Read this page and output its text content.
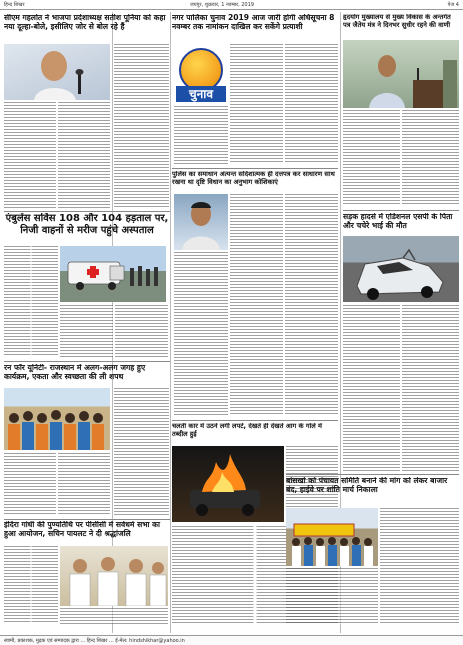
हिन्द शिखर	जयपुर, शुक्रवार, 1 नवम्बर, 2019	पेज 4
सीएम गहलोत ने भाजपा प्रदेशाध्यक्ष सतीश पूनिया को कहा नया दूल्हा-बोले, इसीलिए जोर से बोल रहे हैं
एंबुलेंस सर्विस 108 और 104 हड़ताल पर, निजी वाहनों से मरीज पहुंचे अस्पताल
रन फॉर यूनिटी- राजस्थान में अलग-अलग जगह हुए कार्यक्रम, एकता और स्वच्छता की ली शपथ
इंदिरा गांधी की पुण्यतिथि पर पीसीसी में सर्वधर्म सभा का हुआ आयोजन, सचिन पायलट ने दी श्रद्धांजलि
नगर पालिका चुनाव 2019 आज जारी होगी अधिसूचना 8 नवम्बर तक नामांकन दाखिल कर सकेंगे प्रत्याशी
चुनाव
पुलिस का समाधान अंत्यन्त सदिशात्मक ही दत्तपत्र कर साधारण साथ रखना था दृष्टि विधान का अनुभाग कोशिकाएं
चलती कार में उठने लगी लपटें, देखते ही देखते आग के गोले में तब्दील हुई
हृदयोग मुख्यालय से मुख्य विकास के अन्तर्गत पत्र जैतेय मंत्र ने दिनभर सुधीर रहने की वाणी
सड़क हादसे में एडिशनल एसपी के पिता और चचेरे भाई की मौत
बांसखो को पंचायत समिति बनाने की मांग को लेकर बाजार बंद, हाईवे पर शांति मार्च निकाला
स्वामी, प्रकाशक, मुद्रक एवं सम्पादक द्वारा ... हिन्द शिखर ... ई-मेल: hindshikhar@yahoo.in
